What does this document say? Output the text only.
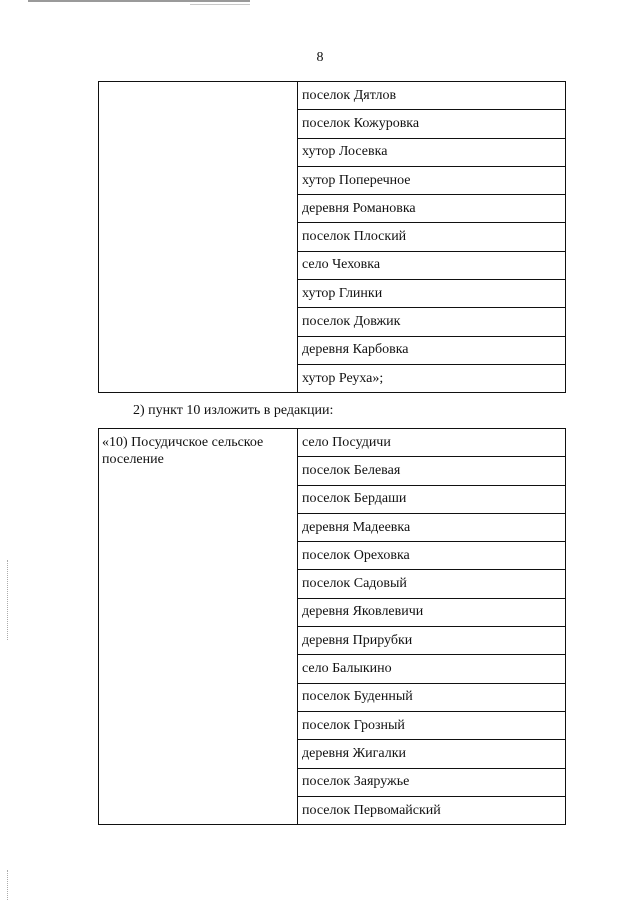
8
	поселок Дятлов
поселок Кожуровка
хутор Лосевка
хутор Поперечное
деревня Романовка
поселок Плоский
село Чеховка
хутор Глинки
поселок Довжик
деревня Карбовка
хутор Реуха»;
2) пункт 10 изложить в редакции:
«10) Посудичское сельское поселение	село Посудичи
поселок Белевая
поселок Бердаши
деревня Мадеевка
поселок Ореховка
поселок Садовый
деревня Яковлевичи
деревня Прирубки
село Балыкино
поселок Буденный
поселок Грозный
деревня Жигалки
поселок Заяружье
поселок Первомайский
